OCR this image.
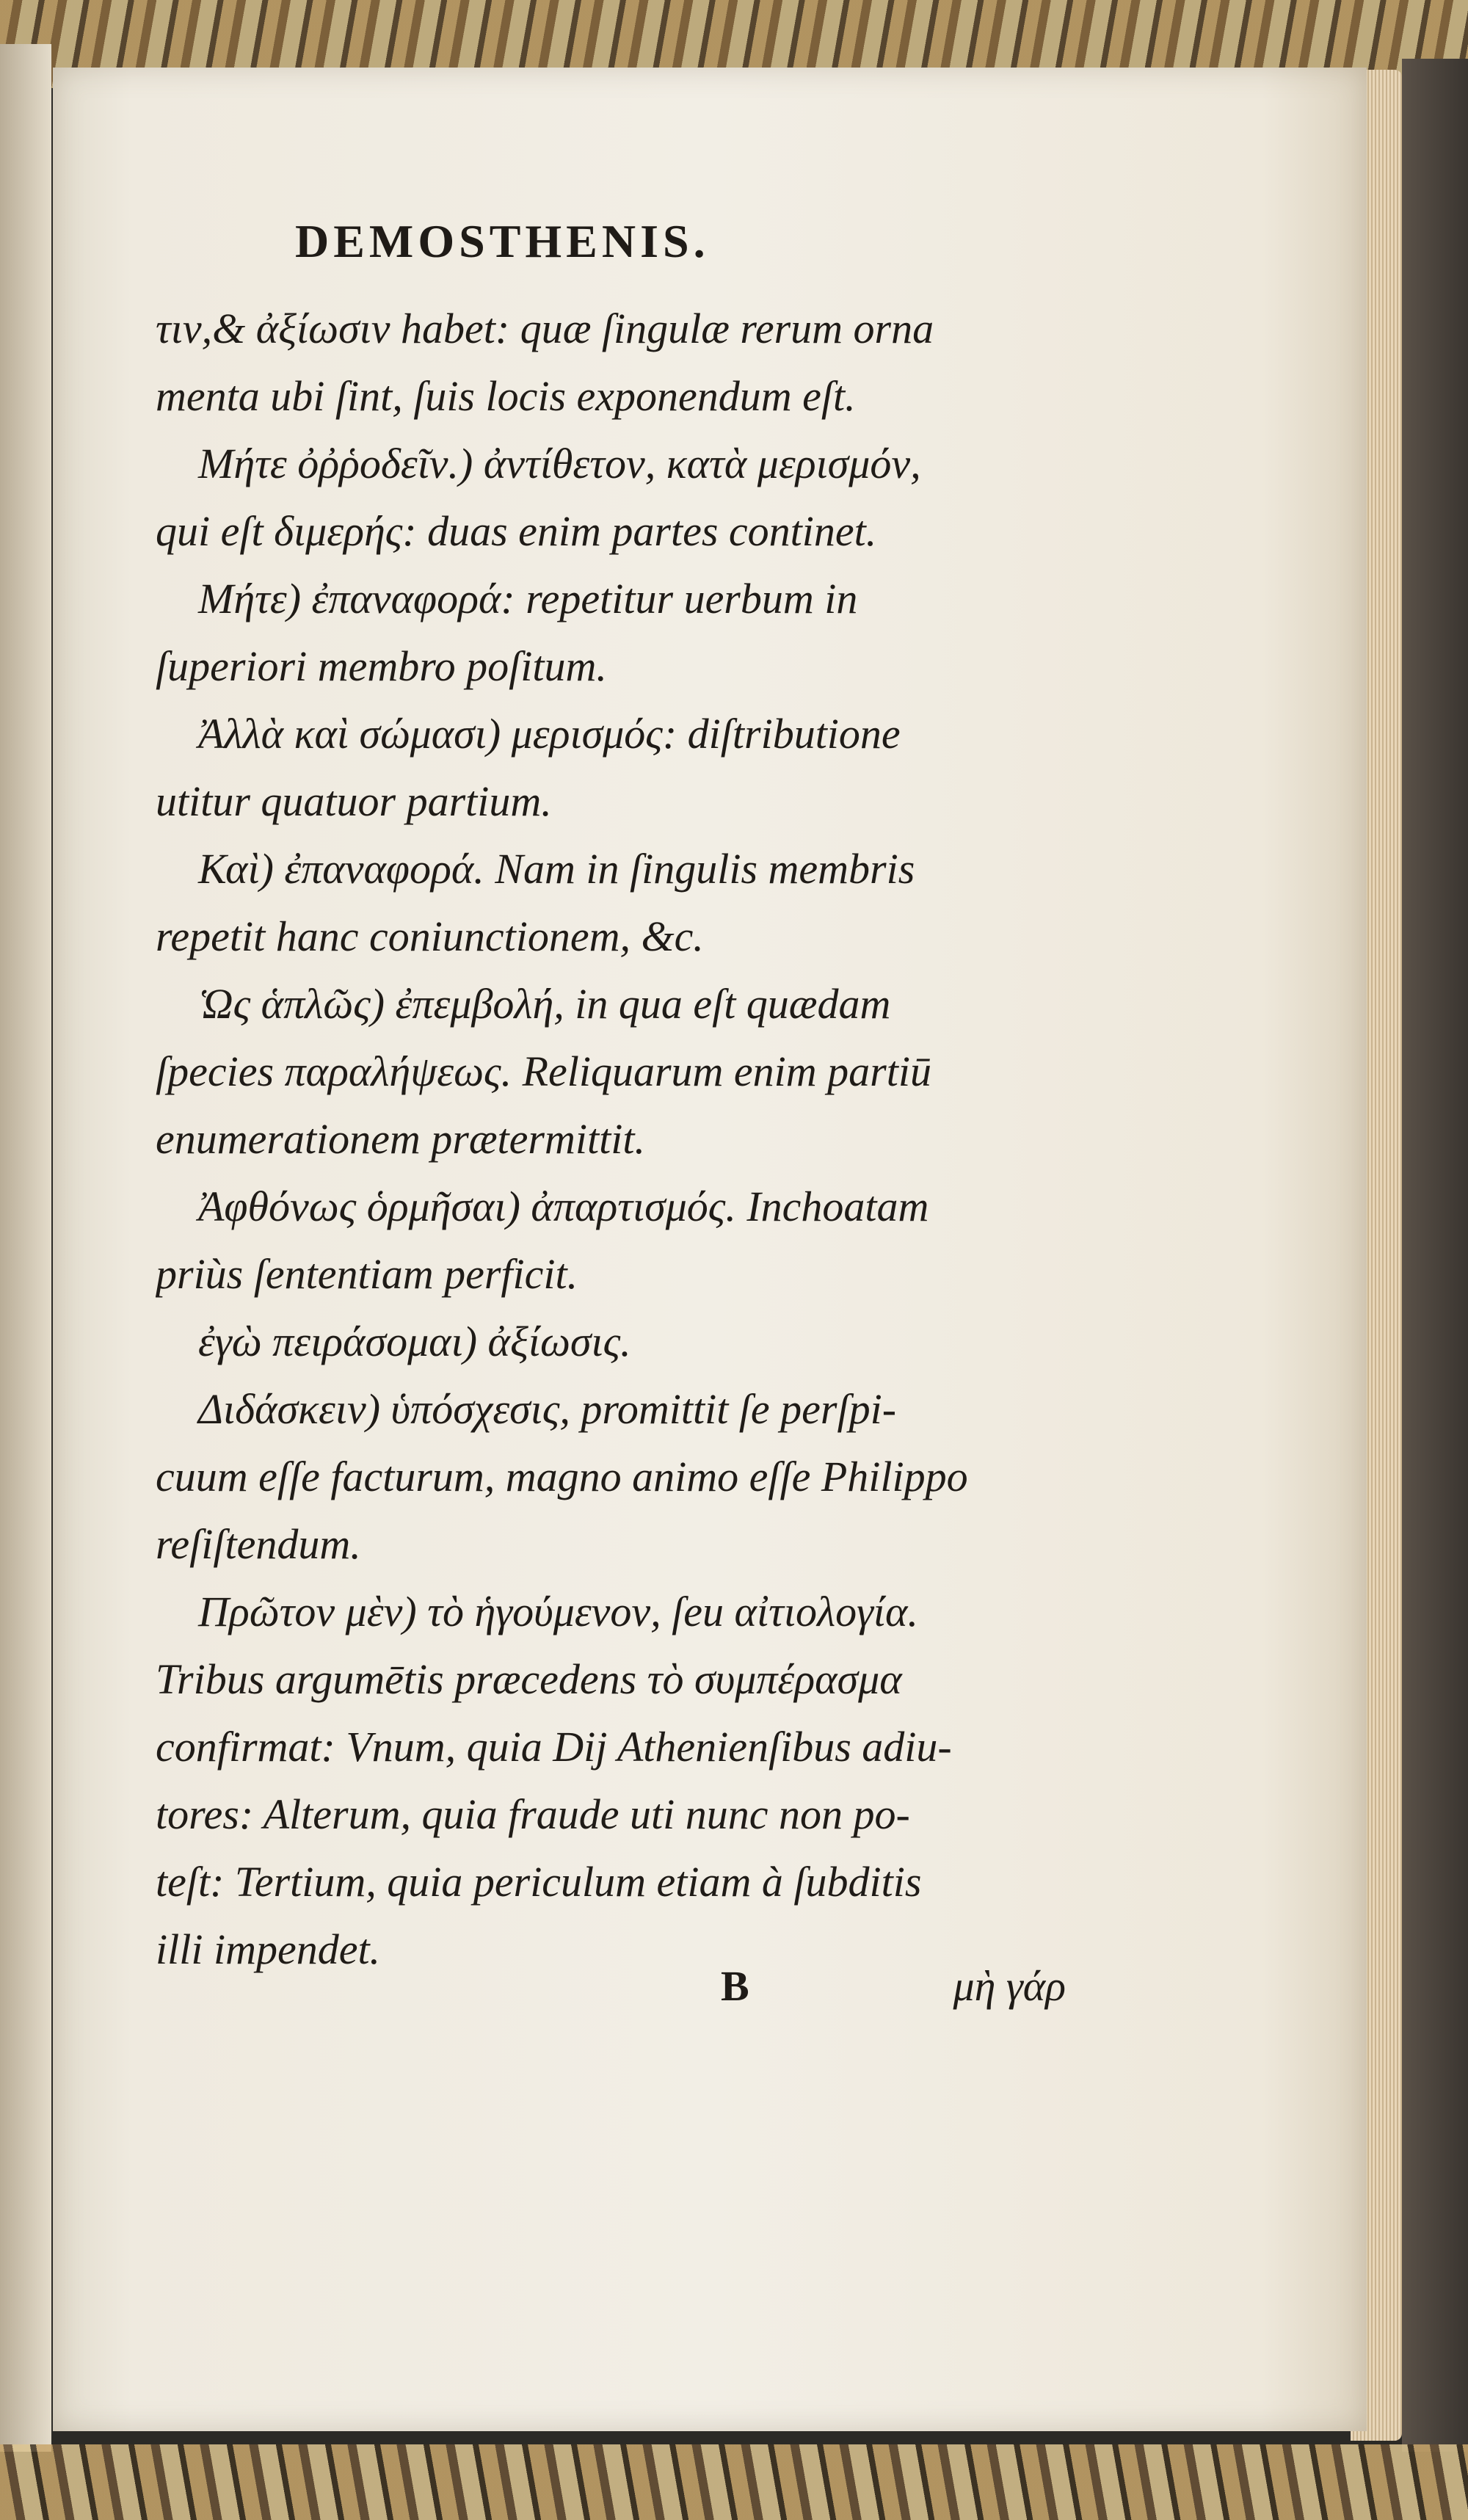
DEMOSTHENIS.
τιν,& ἀξίωσιν habet: quæ ſingulæ rerum orna
menta ubi ſint, ſuis locis exponendum eſt.
Μήτε ὀῤῥοδεῖν.) ἀντίθετον, κατὰ μερισμόν,
qui eſt διμερής: duas enim partes continet.
Μήτε) ἐπαναφορά: repetitur uerbum in
ſuperiori membro poſitum.
Ἀλλὰ καὶ σώμασι) μερισμός: diſtributione
utitur quatuor partium.
Καὶ) ἐπαναφορά. Nam in ſingulis membris
repetit hanc coniunctionem, &c.
Ὡς ἁπλῶς) ἐπεμβολή, in qua eſt quædam
ſpecies παραλήψεως. Reliquarum enim partiū
enumerationem prætermittit.
Ἀφθόνως ὁρμῆσαι) ἀπαρτισμός. Inchoatam
priùs ſententiam perficit.
ἐγὼ πειράσομαι) ἀξίωσις.
Διδάσκειν) ὑπόσχεσις, promittit ſe perſpi-
cuum eſſe facturum, magno animo eſſe Philippo
reſiſtendum.
Πρῶτον μὲν) τὸ ἡγούμενον, ſeu αἰτιολογία.
Tribus argumētis præcedens τὸ συμπέρασμα
confirmat: Vnum, quia Dij Athenienſibus adiu-
tores: Alterum, quia fraude uti nunc non po-
teſt: Tertium, quia periculum etiam à ſubditis
illi impendet.
B	μὴ γάρ
